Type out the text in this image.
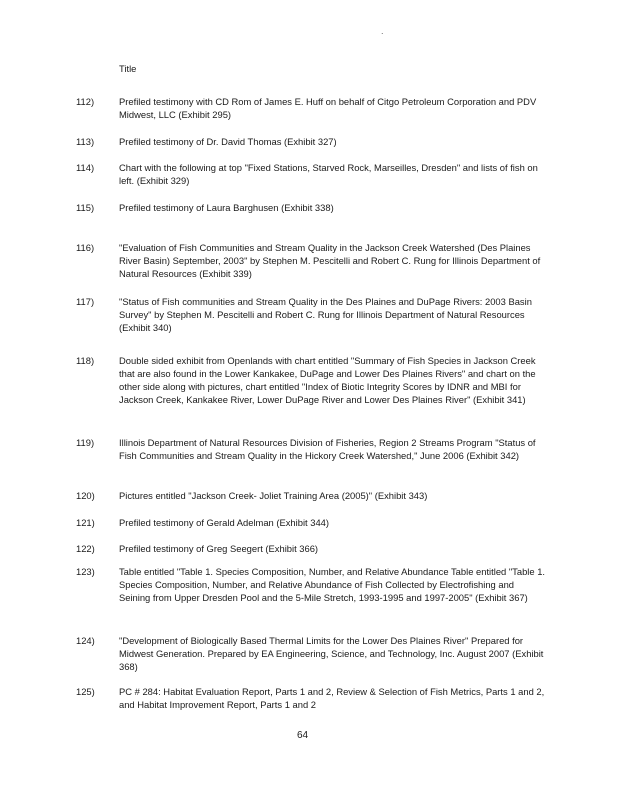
.
Title
112)	Prefiled testimony with CD Rom of James E. Huff on behalf of Citgo Petroleum Corporation and PDV Midwest, LLC (Exhibit 295)
113)	Prefiled testimony of Dr. David Thomas (Exhibit 327)
114)	Chart with the following at top "Fixed Stations, Starved Rock, Marseilles, Dresden" and lists of fish on left. (Exhibit 329)
115)	Prefiled testimony of Laura Barghusen (Exhibit 338)
116)	"Evaluation of Fish Communities and Stream Quality in the Jackson Creek Watershed (Des Plaines River Basin) September, 2003" by Stephen M. Pescitelli and Robert C. Rung for Illinois Department of Natural Resources (Exhibit 339)
117)	"Status of Fish communities and Stream Quality in the Des Plaines and DuPage Rivers: 2003 Basin Survey" by Stephen M. Pescitelli and Robert C. Rung for Illinois Department of Natural Resources (Exhibit 340)
118)	Double sided exhibit from Openlands with chart entitled "Summary of Fish Species in Jackson Creek that are also found in the Lower Kankakee, DuPage and Lower Des Plaines Rivers" and chart on the other side along with pictures, chart entitled "Index of Biotic Integrity Scores by IDNR and MBI for Jackson Creek, Kankakee River, Lower DuPage River and Lower Des Plaines River" (Exhibit 341)
119)	Illinois Department of Natural Resources Division of Fisheries, Region 2 Streams Program "Status of Fish Communities and Stream Quality in the Hickory Creek Watershed," June 2006 (Exhibit 342)
120)	Pictures entitled "Jackson Creek- Joliet Training Area (2005)" (Exhibit 343)
121)	Prefiled testimony of Gerald Adelman (Exhibit 344)
122)	Prefiled testimony of Greg Seegert (Exhibit 366)
123)	Table entitled "Table 1. Species Composition, Number, and Relative Abundance Table entitled "Table 1. Species Composition, Number, and Relative Abundance of Fish Collected by Electrofishing and Seining from Upper Dresden Pool and the 5-Mile Stretch, 1993-1995 and 1997-2005" (Exhibit 367)
124)	"Development of Biologically Based Thermal Limits for the Lower Des Plaines River" Prepared for Midwest Generation. Prepared by EA Engineering, Science, and Technology, Inc. August 2007 (Exhibit 368)
125)	PC # 284: Habitat Evaluation Report, Parts 1 and 2, Review & Selection of Fish Metrics, Parts 1 and 2, and Habitat Improvement Report, Parts 1 and 2
64
